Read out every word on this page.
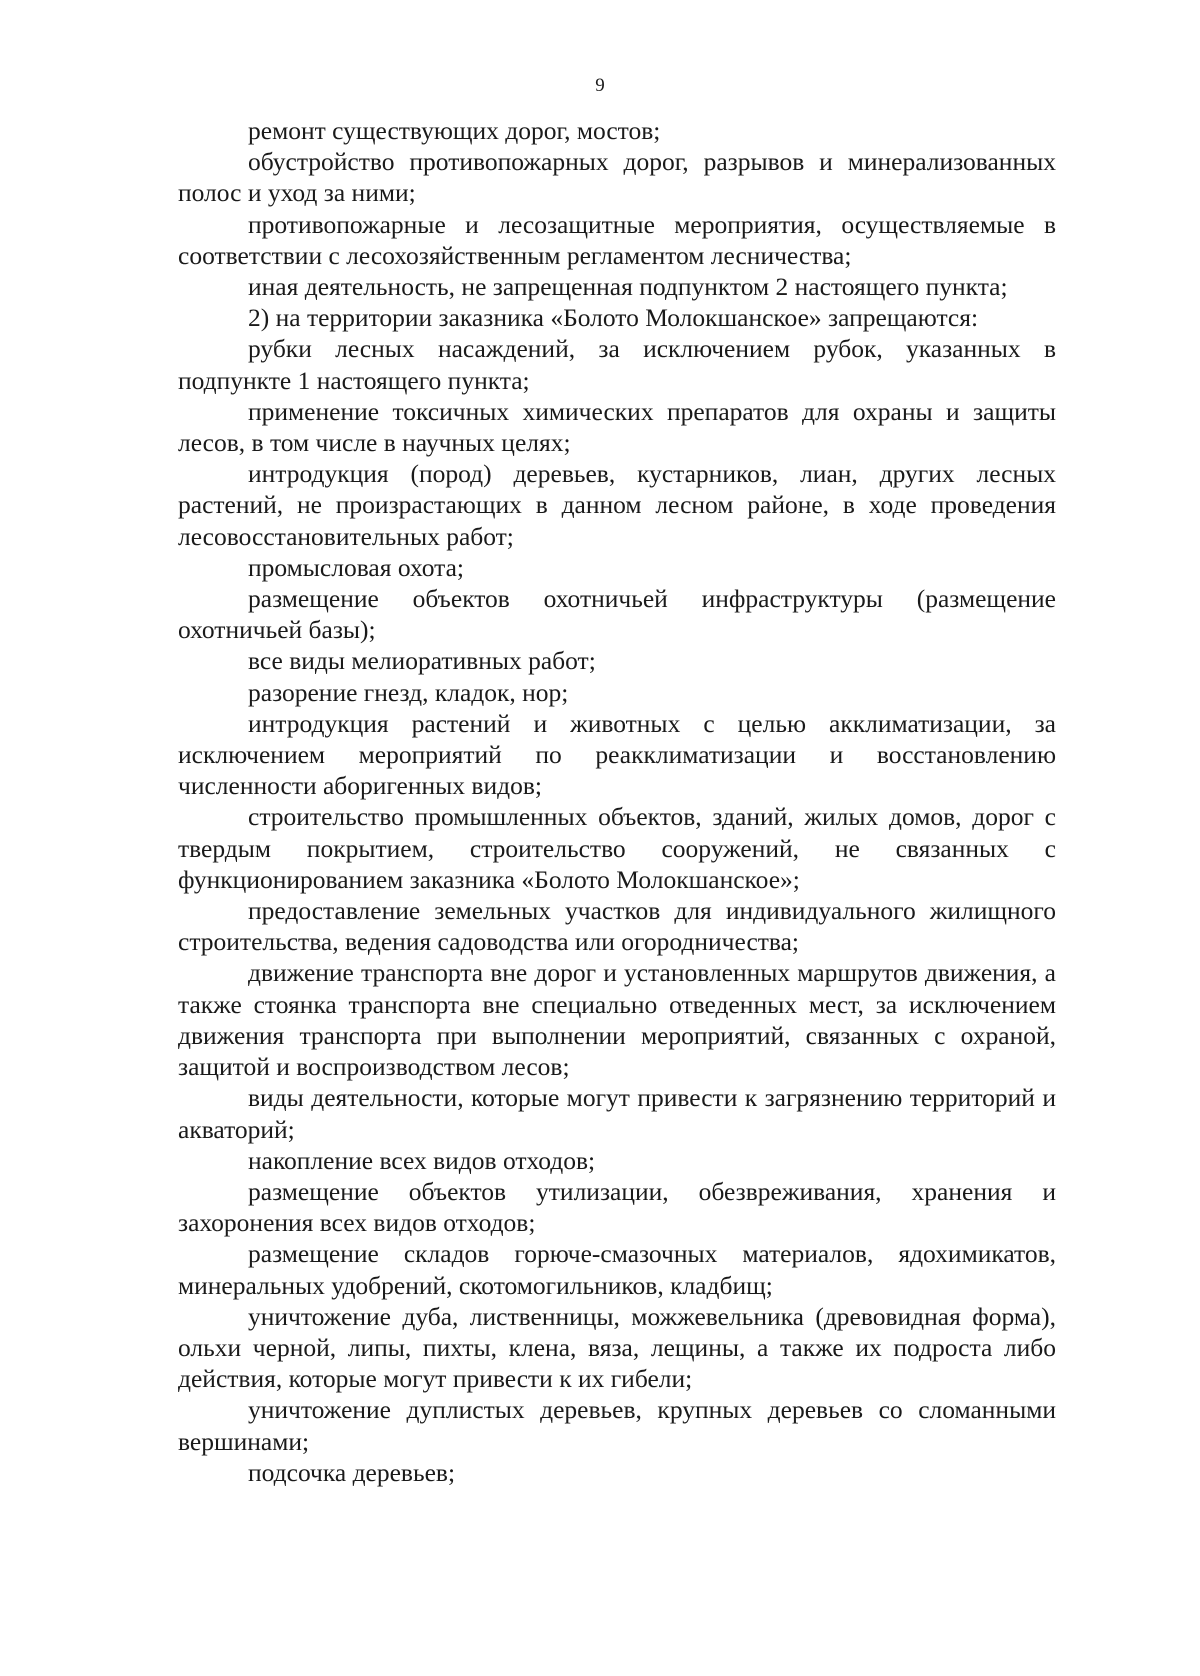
9

ремонт существующих дорог, мостов;

обустройство противопожарных дорог, разрывов и минерализованных полос и уход за ними;

противопожарные и лесозащитные мероприятия, осуществляемые в соответствии с лесохозяйственным регламентом лесничества;

иная деятельность, не запрещенная подпунктом 2 настоящего пункта;

2) на территории заказника «Болото Молокшанское» запрещаются:

рубки лесных насаждений, за исключением рубок, указанных в подпункте 1 настоящего пункта;

применение токсичных химических препаратов для охраны и защиты лесов, в том числе в научных целях;

интродукция (пород) деревьев, кустарников, лиан, других лесных растений, не произрастающих в данном лесном районе, в ходе проведения лесовосстановительных работ;

промысловая охота;

размещение объектов охотничьей инфраструктуры (размещение охотничьей базы);

все виды мелиоративных работ;

разорение гнезд, кладок, нор;

интродукция растений и животных с целью акклиматизации, за исключением мероприятий по реакклиматизации и восстановлению численности аборигенных видов;

строительство промышленных объектов, зданий, жилых домов, дорог с твердым покрытием, строительство сооружений, не связанных с функционированием заказника «Болото Молокшанское»;

предоставление земельных участков для индивидуального жилищного строительства, ведения садоводства или огородничества;

движение транспорта вне дорог и установленных маршрутов движения, а также стоянка транспорта вне специально отведенных мест, за исключением движения транспорта при выполнении мероприятий, связанных с охраной, защитой и воспроизводством лесов;

виды деятельности, которые могут привести к загрязнению территорий и акваторий;

накопление всех видов отходов;

размещение объектов утилизации, обезвреживания, хранения и захоронения всех видов отходов;

размещение складов горюче-смазочных материалов, ядохимикатов, минеральных удобрений, скотомогильников, кладбищ;

уничтожение дуба, лиственницы, можжевельника (древовидная форма), ольхи черной, липы, пихты, клена, вяза, лещины, а также их подроста либо действия, которые могут привести к их гибели;

уничтожение дуплистых деревьев, крупных деревьев со сломанными вершинами;

подсочка деревьев;
